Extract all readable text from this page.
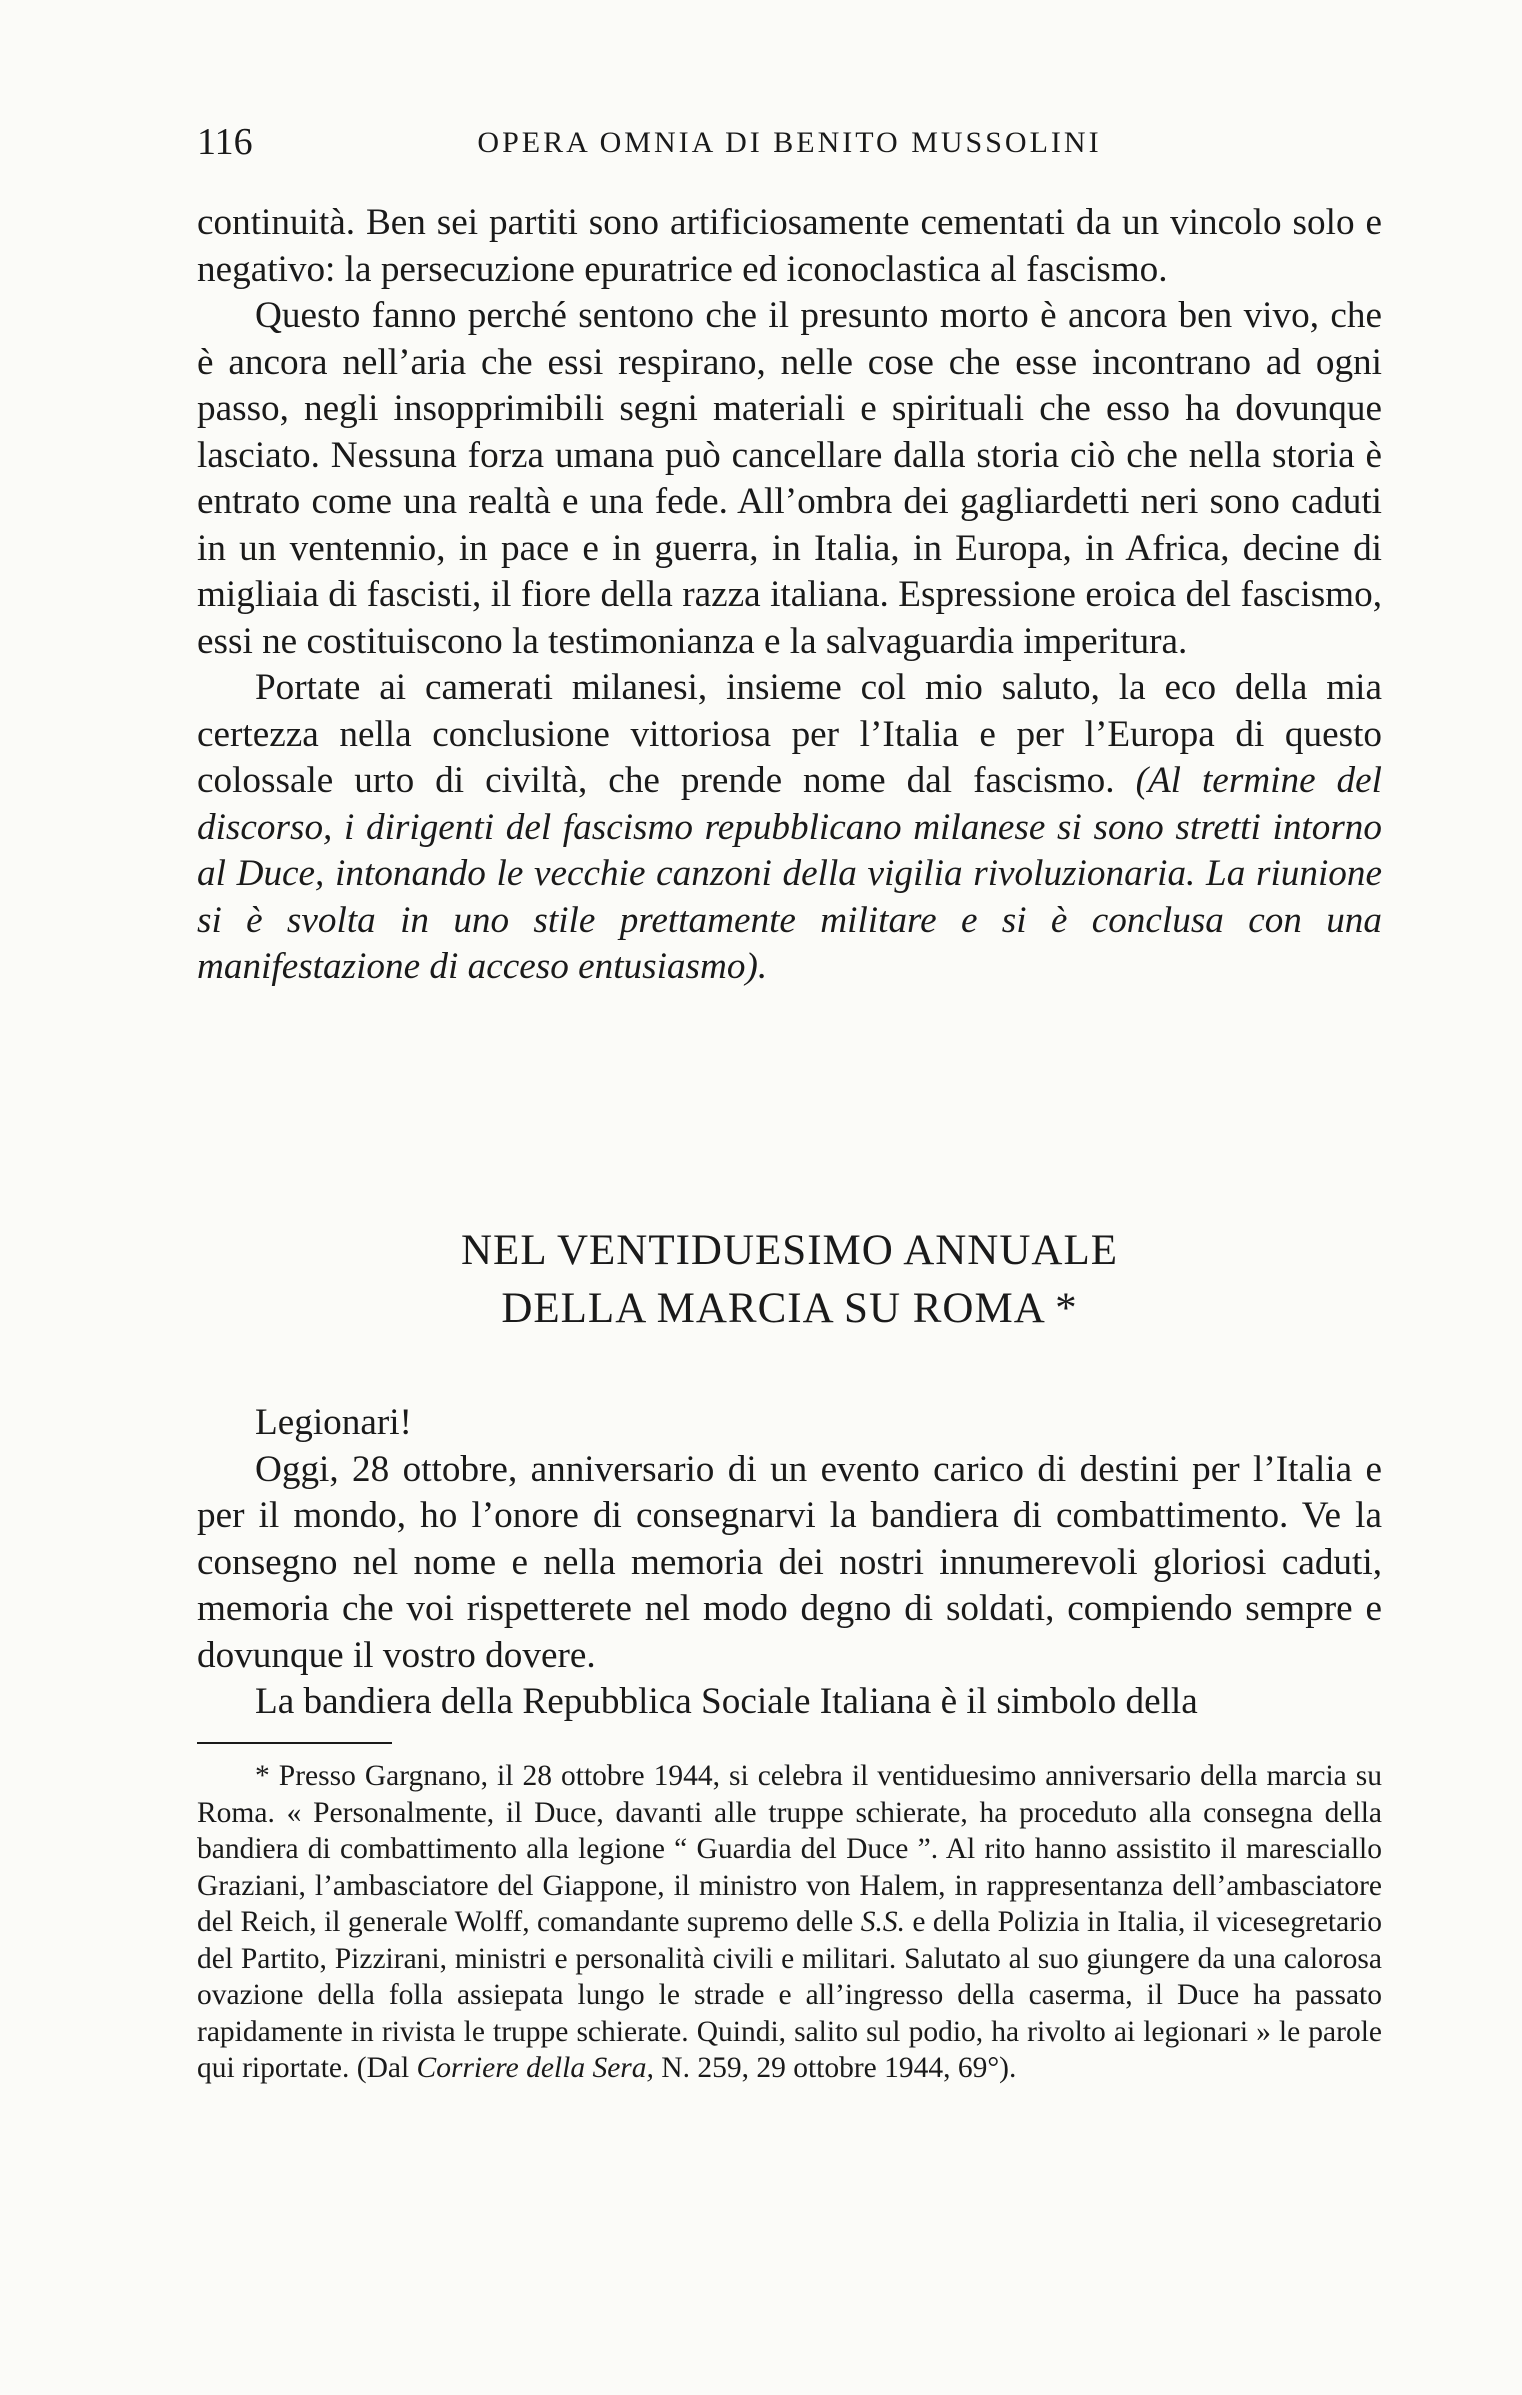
116	OPERA OMNIA DI BENITO MUSSOLINI

continuità. Ben sei partiti sono artificiosamente cementati da un vincolo solo e negativo: la persecuzione epuratrice ed iconoclastica al fascismo.

Questo fanno perché sentono che il presunto morto è ancora ben vivo, che è ancora nell’aria che essi respirano, nelle cose che esse incontrano ad ogni passo, negli insopprimibili segni materiali e spirituali che esso ha dovunque lasciato. Nessuna forza umana può cancellare dalla storia ciò che nella storia è entrato come una realtà e una fede. All’ombra dei gagliardetti neri sono caduti in un ventennio, in pace e in guerra, in Italia, in Europa, in Africa, decine di migliaia di fascisti, il fiore della razza italiana. Espressione eroica del fascismo, essi ne costituiscono la testimonianza e la salvaguardia imperitura.

Portate ai camerati milanesi, insieme col mio saluto, la eco della mia certezza nella conclusione vittoriosa per l’Italia e per l’Europa di questo colossale urto di civiltà, che prende nome dal fascismo. (Al termine del discorso, i dirigenti del fascismo repubblicano milanese si sono stretti intorno al Duce, intonando le vecchie canzoni della vigilia rivoluzionaria. La riunione si è svolta in uno stile prettamente militare e si è conclusa con una manifestazione di acceso entusiasmo).

NEL VENTIDUESIMO ANNUALE
DELLA MARCIA SU ROMA *

Legionari!

Oggi, 28 ottobre, anniversario di un evento carico di destini per l’Italia e per il mondo, ho l’onore di consegnarvi la bandiera di combattimento. Ve la consegno nel nome e nella memoria dei nostri innumerevoli gloriosi caduti, memoria che voi rispetterete nel modo degno di soldati, compiendo sempre e dovunque il vostro dovere.

La bandiera della Repubblica Sociale Italiana è il simbolo della

* Presso Gargnano, il 28 ottobre 1944, si celebra il ventiduesimo anniversario della marcia su Roma. « Personalmente, il Duce, davanti alle truppe schierate, ha proceduto alla consegna della bandiera di combattimento alla legione “ Guardia del Duce ”. Al rito hanno assistito il maresciallo Graziani, l’ambasciatore del Giappone, il ministro von Halem, in rappresentanza dell’ambasciatore del Reich, il generale Wolff, comandante supremo delle S.S. e della Polizia in Italia, il vicesegretario del Partito, Pizzirani, ministri e personalità civili e militari. Salutato al suo giungere da una calorosa ovazione della folla assiepata lungo le strade e all’ingresso della caserma, il Duce ha passato rapidamente in rivista le truppe schierate. Quindi, salito sul podio, ha rivolto ai legionari » le parole qui riportate. (Dal Corriere della Sera, N. 259, 29 ottobre 1944, 69°).
